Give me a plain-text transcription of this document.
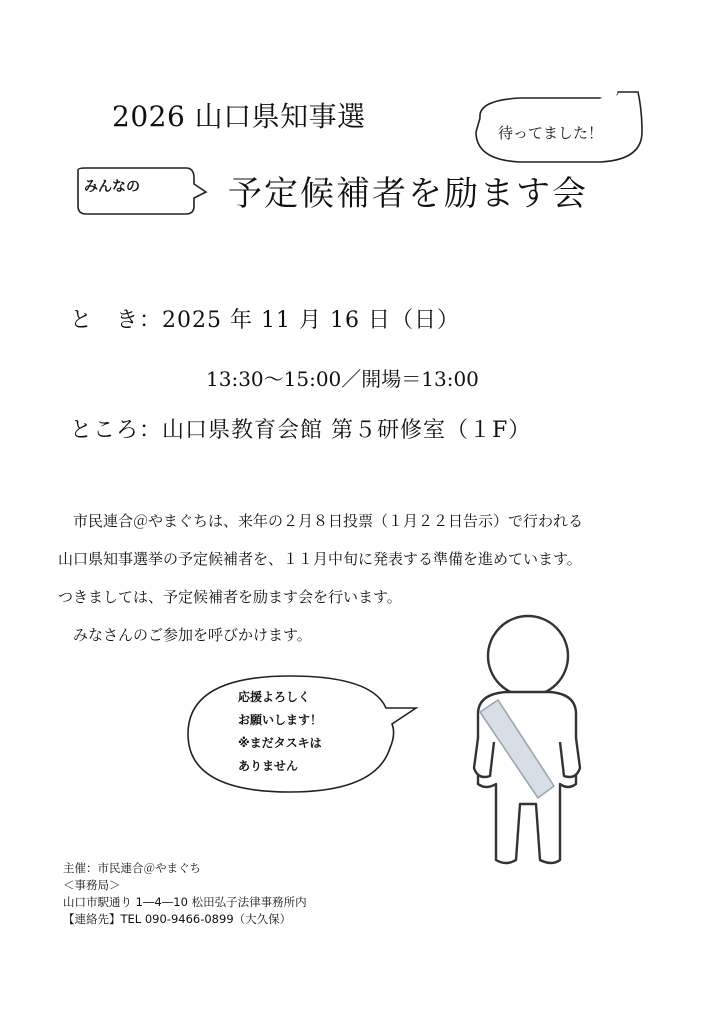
2026 山口県知事選	待ってました！
みんなの	予定候補者を励ます会
と　き：2025 年 11 月 16 日（日）
13:30〜15:00／開場＝13:00
ところ：山口県教育会館 第５研修室（１F）

　市民連合＠やまぐちは、来年の２月８日投票（１月２２日告示）で行われる

山口県知事選挙の予定候補者を、１１月中旬に発表する準備を進めています。

つきましては、予定候補者を励ます会を行います。

　みなさんのご参加を呼びかけます。

応援よろしく
お願いします！
※まだタスキは
ありません
主催：市民連合＠やまぐち
＜事務局＞
山口市駅通り 1―4―10 松田弘子法律事務所内
【連絡先】TEL 090-9466-0899（大久保）
